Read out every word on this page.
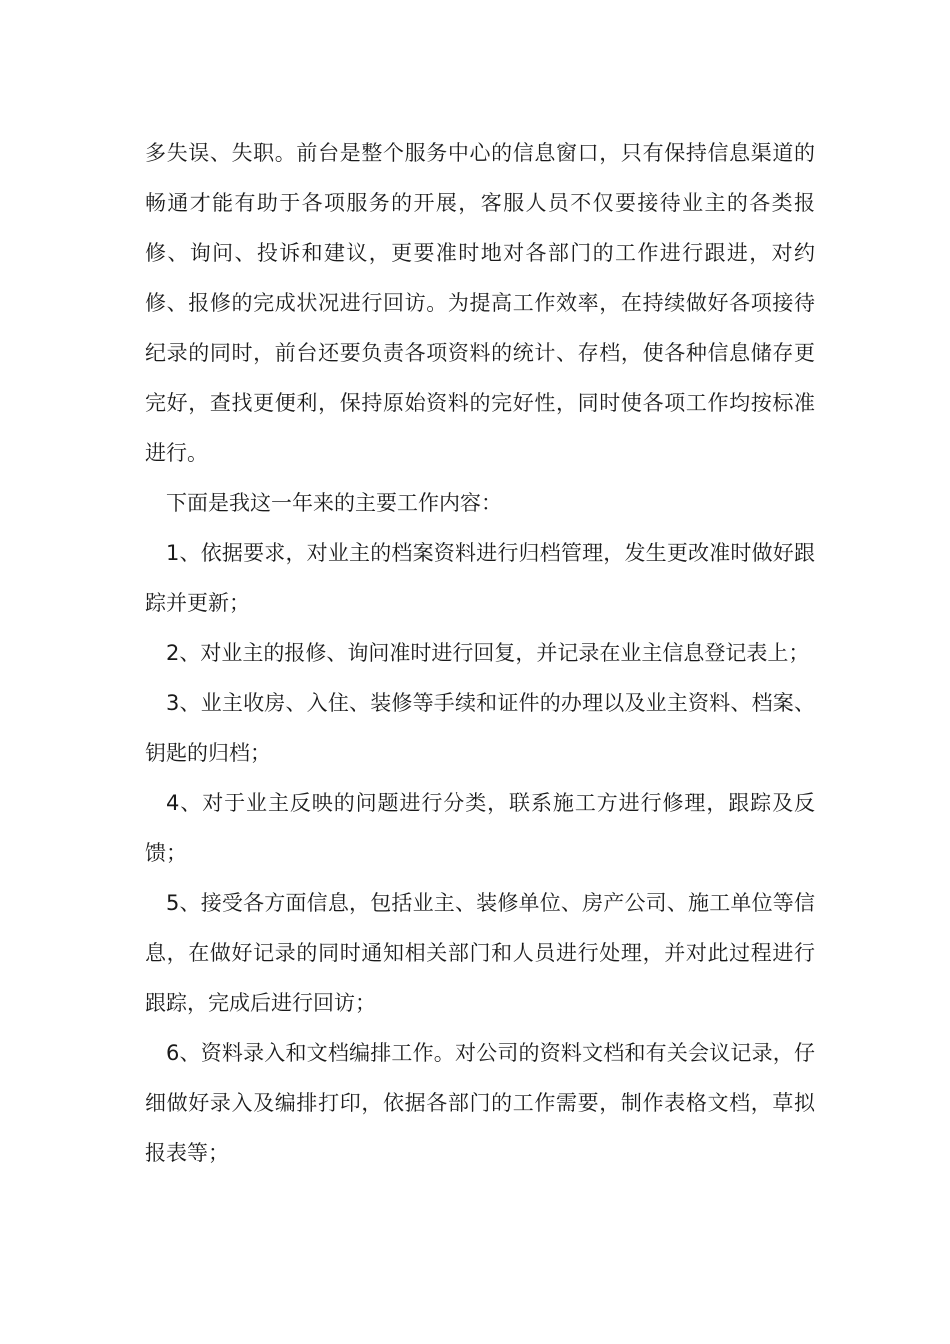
多失误、失职。前台是整个服务中心的信息窗口，只有保持信息渠道的畅通才能有助于各项服务的开展，客服人员不仅要接待业主的各类报修、询问、投诉和建议，更要准时地对各部门的工作进行跟进，对约修、报修的完成状况进行回访。为提高工作效率，在持续做好各项接待纪录的同时，前台还要负责各项资料的统计、存档，使各种信息储存更完好，查找更便利，保持原始资料的完好性，同时使各项工作均按标准进行。

下面是我这一年来的主要工作内容：

1、依据要求，对业主的档案资料进行归档管理，发生更改准时做好跟踪并更新；

2、对业主的报修、询问准时进行回复，并记录在业主信息登记表上；

3、业主收房、入住、装修等手续和证件的办理以及业主资料、档案、钥匙的归档；

4、对于业主反映的问题进行分类，联系施工方进行修理，跟踪及反馈；

5、接受各方面信息，包括业主、装修单位、房产公司、施工单位等信息，在做好记录的同时通知相关部门和人员进行处理，并对此过程进行跟踪，完成后进行回访；

6、资料录入和文档编排工作。对公司的资料文档和有关会议记录，仔细做好录入及编排打印，依据各部门的工作需要，制作表格文档，草拟报表等；
